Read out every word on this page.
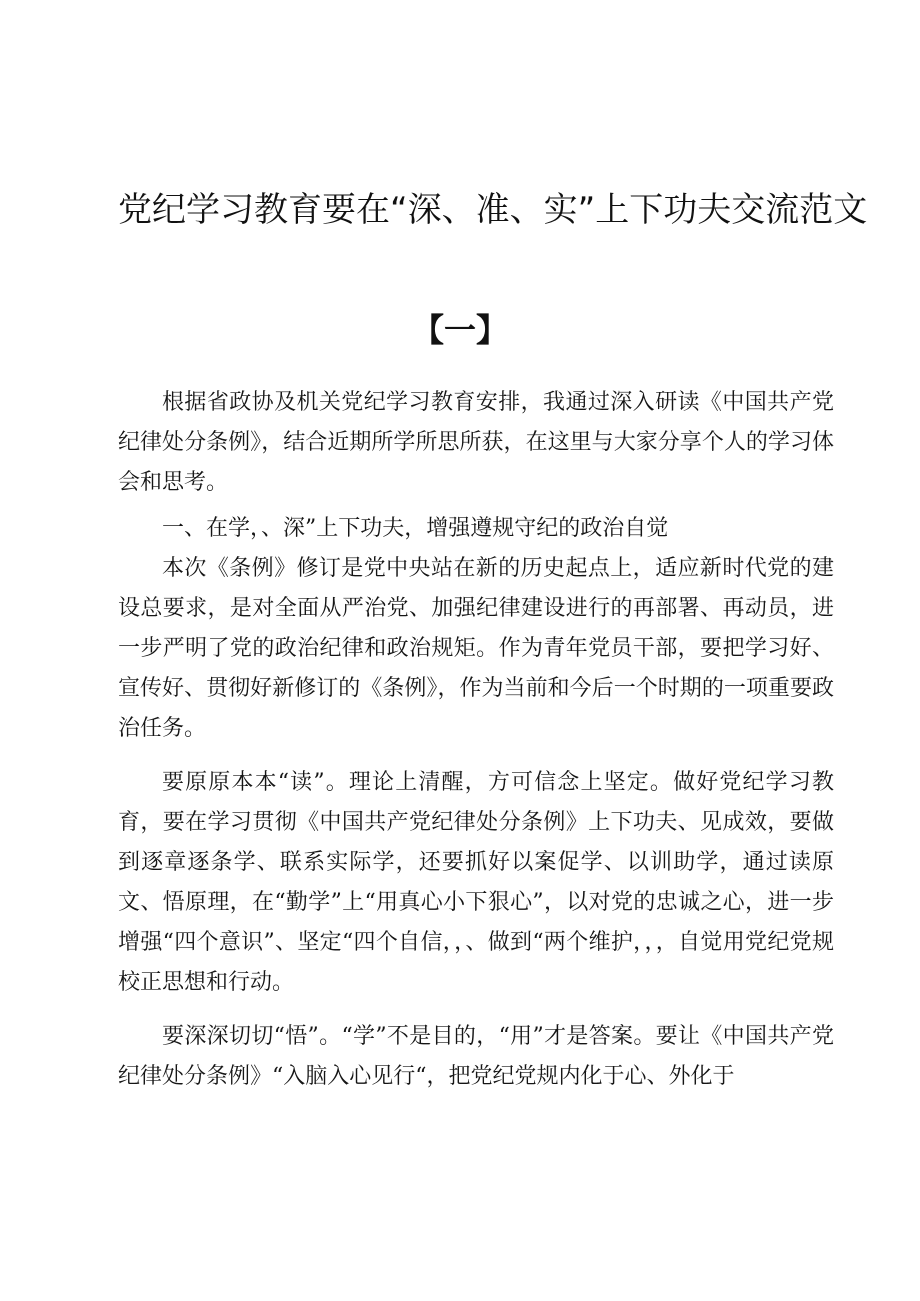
党纪学习教育要在“深、准、实”上下功夫交流范文
【一】

根据省政协及机关党纪学习教育安排，我通过深入研读《中国共产党纪律处分条例》，结合近期所学所思所获，在这里与大家分享个人的学习体会和思考。

一、在学，、深”上下功夫，增强遵规守纪的政治自觉

本次《条例》修订是党中央站在新的历史起点上，适应新时代党的建设总要求，是对全面从严治党、加强纪律建设进行的再部署、再动员，进一步严明了党的政治纪律和政治规矩。作为青年党员干部，要把学习好、宣传好、贯彻好新修订的《条例》，作为当前和今后一个时期的一项重要政治任务。

要原原本本“读”。理论上清醒，方可信念上坚定。做好党纪学习教育，要在学习贯彻《中国共产党纪律处分条例》上下功夫、见成效，要做到逐章逐条学、联系实际学，还要抓好以案促学、以训助学，通过读原文、悟原理，在“勤学”上“用真心小下狠心”，以对党的忠诚之心，进一步增强“四个意识”、坚定“四个自信，，、做到“两个维护，，，自觉用党纪党规校正思想和行动。

要深深切切“悟”。“学”不是目的，“用”才是答案。要让《中国共产党纪律处分条例》“入脑入心见行“，把党纪党规内化于心、外化于
